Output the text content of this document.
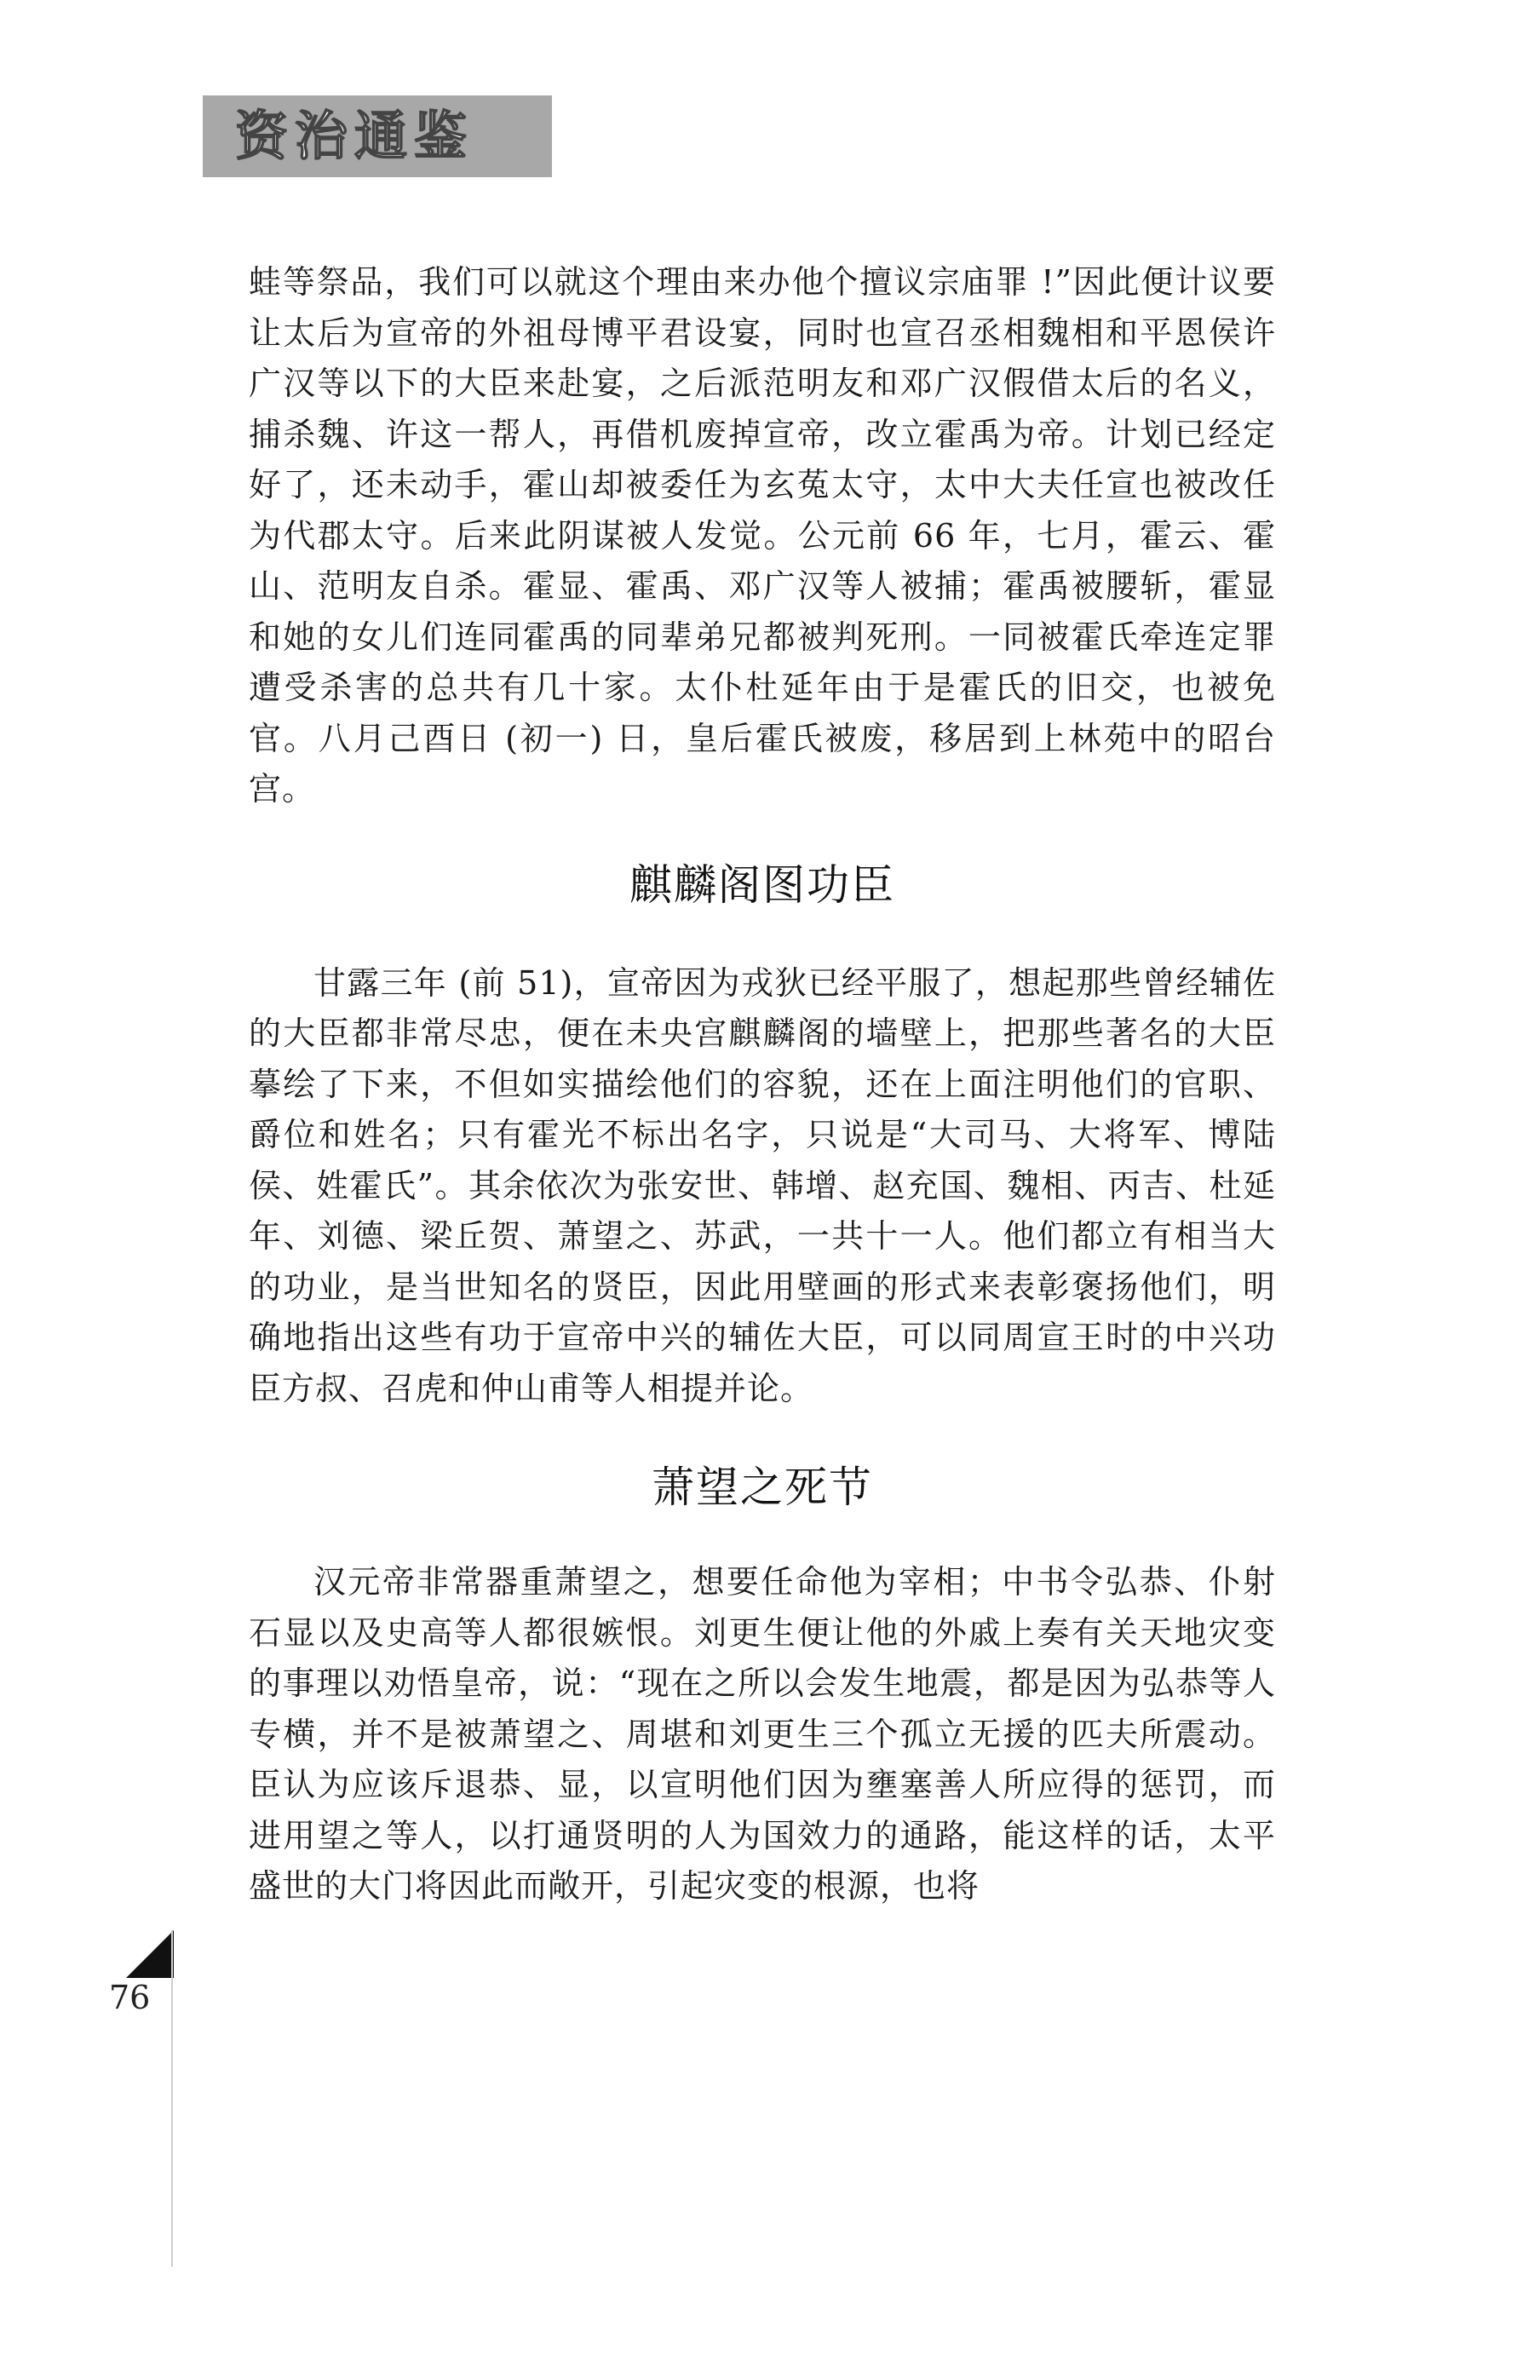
资治通鉴

蛙等祭品，我们可以就这个理由来办他个擅议宗庙罪 !”因此便计议要让太后为宣帝的外祖母博平君设宴，同时也宣召丞相魏相和平恩侯许广汉等以下的大臣来赴宴，之后派范明友和邓广汉假借太后的名义，捕杀魏、许这一帮人，再借机废掉宣帝，改立霍禹为帝。计划已经定好了，还未动手，霍山却被委任为玄菟太守，太中大夫任宣也被改任为代郡太守。后来此阴谋被人发觉。公元前 66 年，七月，霍云、霍山、范明友自杀。霍显、霍禹、邓广汉等人被捕；霍禹被腰斩，霍显和她的女儿们连同霍禹的同辈弟兄都被判死刑。一同被霍氏牵连定罪遭受杀害的总共有几十家。太仆杜延年由于是霍氏的旧交，也被免官。八月己酉日 (初一) 日，皇后霍氏被废，移居到上林苑中的昭台宫。

麒麟阁图功臣

甘露三年 (前 51)，宣帝因为戎狄已经平服了，想起那些曾经辅佐的大臣都非常尽忠，便在未央宫麒麟阁的墙壁上，把那些著名的大臣摹绘了下来，不但如实描绘他们的容貌，还在上面注明他们的官职、爵位和姓名；只有霍光不标出名字，只说是“大司马、大将军、博陆侯、姓霍氏”。其余依次为张安世、韩增、赵充国、魏相、丙吉、杜延年、刘德、梁丘贺、萧望之、苏武，一共十一人。他们都立有相当大的功业，是当世知名的贤臣，因此用壁画的形式来表彰褒扬他们，明确地指出这些有功于宣帝中兴的辅佐大臣，可以同周宣王时的中兴功臣方叔、召虎和仲山甫等人相提并论。

萧望之死节

汉元帝非常器重萧望之，想要任命他为宰相；中书令弘恭、仆射石显以及史高等人都很嫉恨。刘更生便让他的外戚上奏有关天地灾变的事理以劝悟皇帝，说：“现在之所以会发生地震，都是因为弘恭等人专横，并不是被萧望之、周堪和刘更生三个孤立无援的匹夫所震动。臣认为应该斥退恭、显，以宣明他们因为壅塞善人所应得的惩罚，而进用望之等人，以打通贤明的人为国效力的通路，能这样的话，太平盛世的大门将因此而敞开，引起灾变的根源，也将

76
